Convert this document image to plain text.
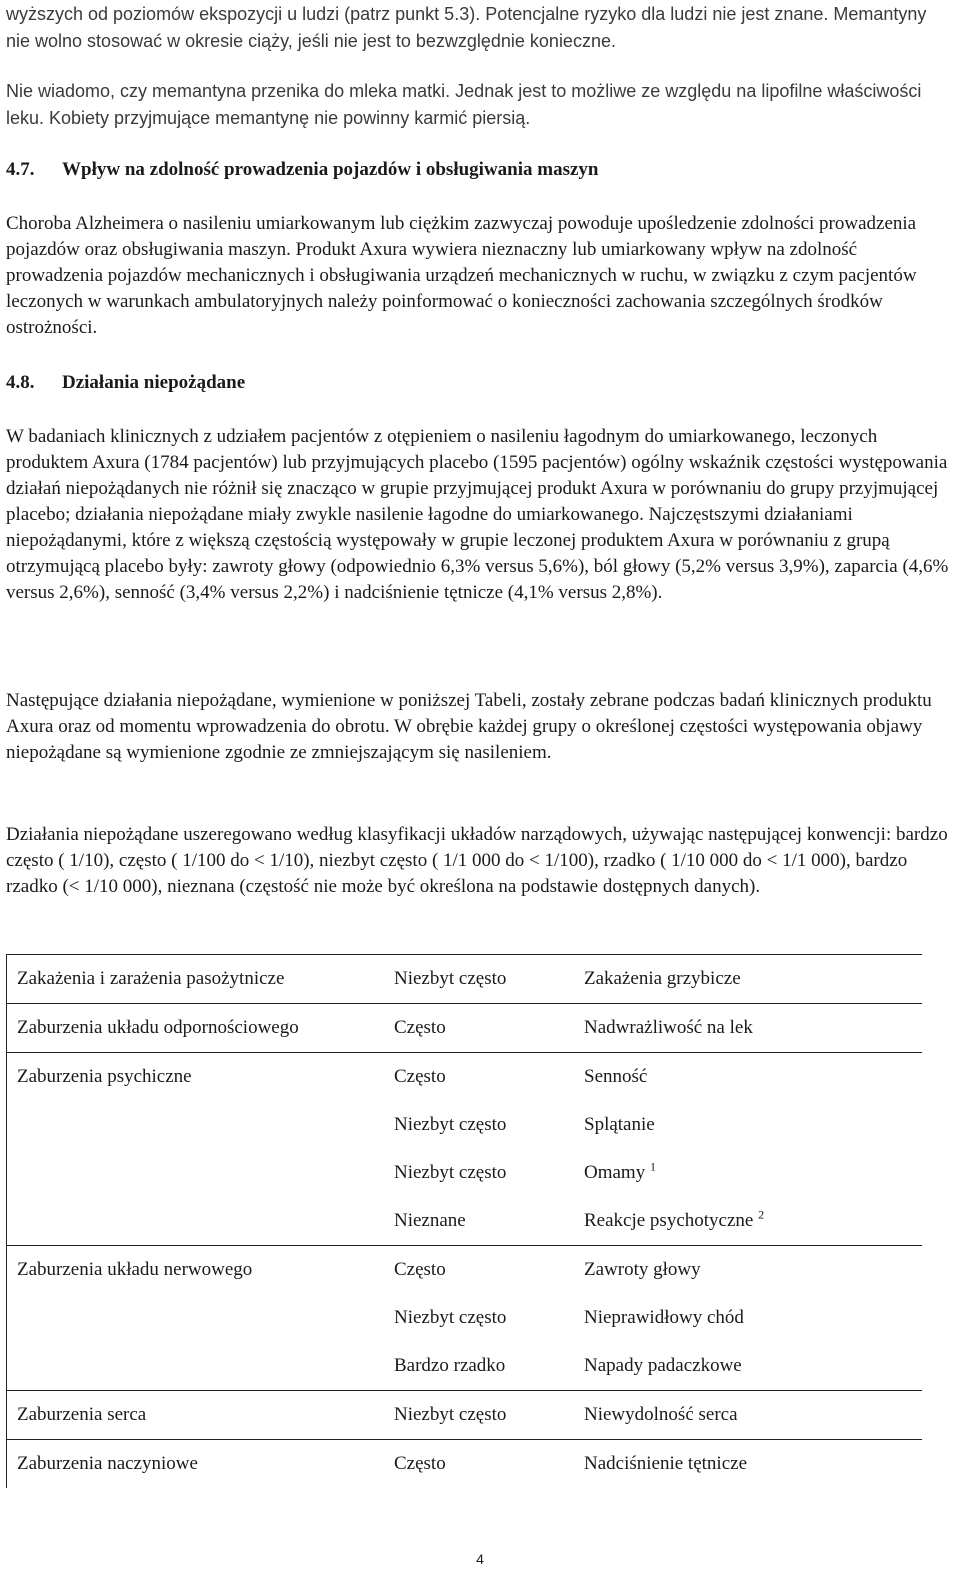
wyższych od poziomów ekspozycji u ludzi (patrz punkt 5.3). Potencjalne ryzyko dla ludzi nie jest znane. Memantyny nie wolno stosować w okresie ciąży, jeśli nie jest to bezwzględnie konieczne.

Nie wiadomo, czy memantyna przenika do mleka matki. Jednak jest to możliwe ze względu na lipofilne właściwości leku. Kobiety przyjmujące memantynę nie powinny karmić piersią.

4.7. Wpływ na zdolność prowadzenia pojazdów i obsługiwania maszyn

Choroba Alzheimera o nasileniu umiarkowanym lub ciężkim zazwyczaj powoduje upośledzenie zdolności prowadzenia pojazdów oraz obsługiwania maszyn. Produkt Axura wywiera nieznaczny lub umiarkowany wpływ na zdolność prowadzenia pojazdów mechanicznych i obsługiwania urządzeń mechanicznych w ruchu, w związku z czym pacjentów leczonych w warunkach ambulatoryjnych należy poinformować o konieczności zachowania szczególnych środków ostrożności.

4.8. Działania niepożądane

W badaniach klinicznych z udziałem pacjentów z otępieniem o nasileniu łagodnym do umiarkowanego, leczonych produktem Axura (1784 pacjentów) lub przyjmujących placebo (1595 pacjentów) ogólny wskaźnik częstości występowania działań niepożądanych nie różnił się znacząco w grupie przyjmującej produkt Axura w porównaniu do grupy przyjmującej placebo; działania niepożądane miały zwykle nasilenie łagodne do umiarkowanego. Najczęstszymi działaniami niepożądanymi, które z większą częstością występowały w grupie leczonej produktem Axura w porównaniu z grupą otrzymującą placebo były: zawroty głowy (odpowiednio 6,3% versus 5,6%), ból głowy (5,2% versus 3,9%), zaparcia (4,6% versus 2,6%), senność (3,4% versus 2,2%) i nadciśnienie tętnicze (4,1% versus 2,8%).

Następujące działania niepożądane, wymienione w poniższej Tabeli, zostały zebrane podczas badań klinicznych produktu Axura oraz od momentu wprowadzenia do obrotu. W obrębie każdej grupy o określonej częstości występowania objawy niepożądane są wymienione zgodnie ze zmniejszającym się nasileniem.

Działania niepożądane uszeregowano według klasyfikacji układów narządowych, używając następującej konwencji: bardzo często ( 1/10), często ( 1/100 do < 1/10), niezbyt często ( 1/1 000 do < 1/100), rzadko ( 1/10 000 do < 1/1 000), bardzo rzadko (< 1/10 000), nieznana (częstość nie może być określona na podstawie dostępnych danych).

Zakażenia i zarażenia pasożytnicze	Niezbyt często	Zakażenia grzybicze
Zaburzenia układu odpornościowego	Często	Nadwrażliwość na lek
Zaburzenia psychiczne	Często	Senność
	Niezbyt często	Splątanie
	Niezbyt często	Omamy $^1$
	Nieznane	Reakcje psychotyczne $^2$
Zaburzenia układu nerwowego	Często	Zawroty głowy
	Niezbyt często	Nieprawidłowy chód
	Bardzo rzadko	Napady padaczkowe
Zaburzenia serca	Niezbyt często	Niewydolność serca
Zaburzenia naczyniowe	Często	Nadciśnienie tętnicze
4
